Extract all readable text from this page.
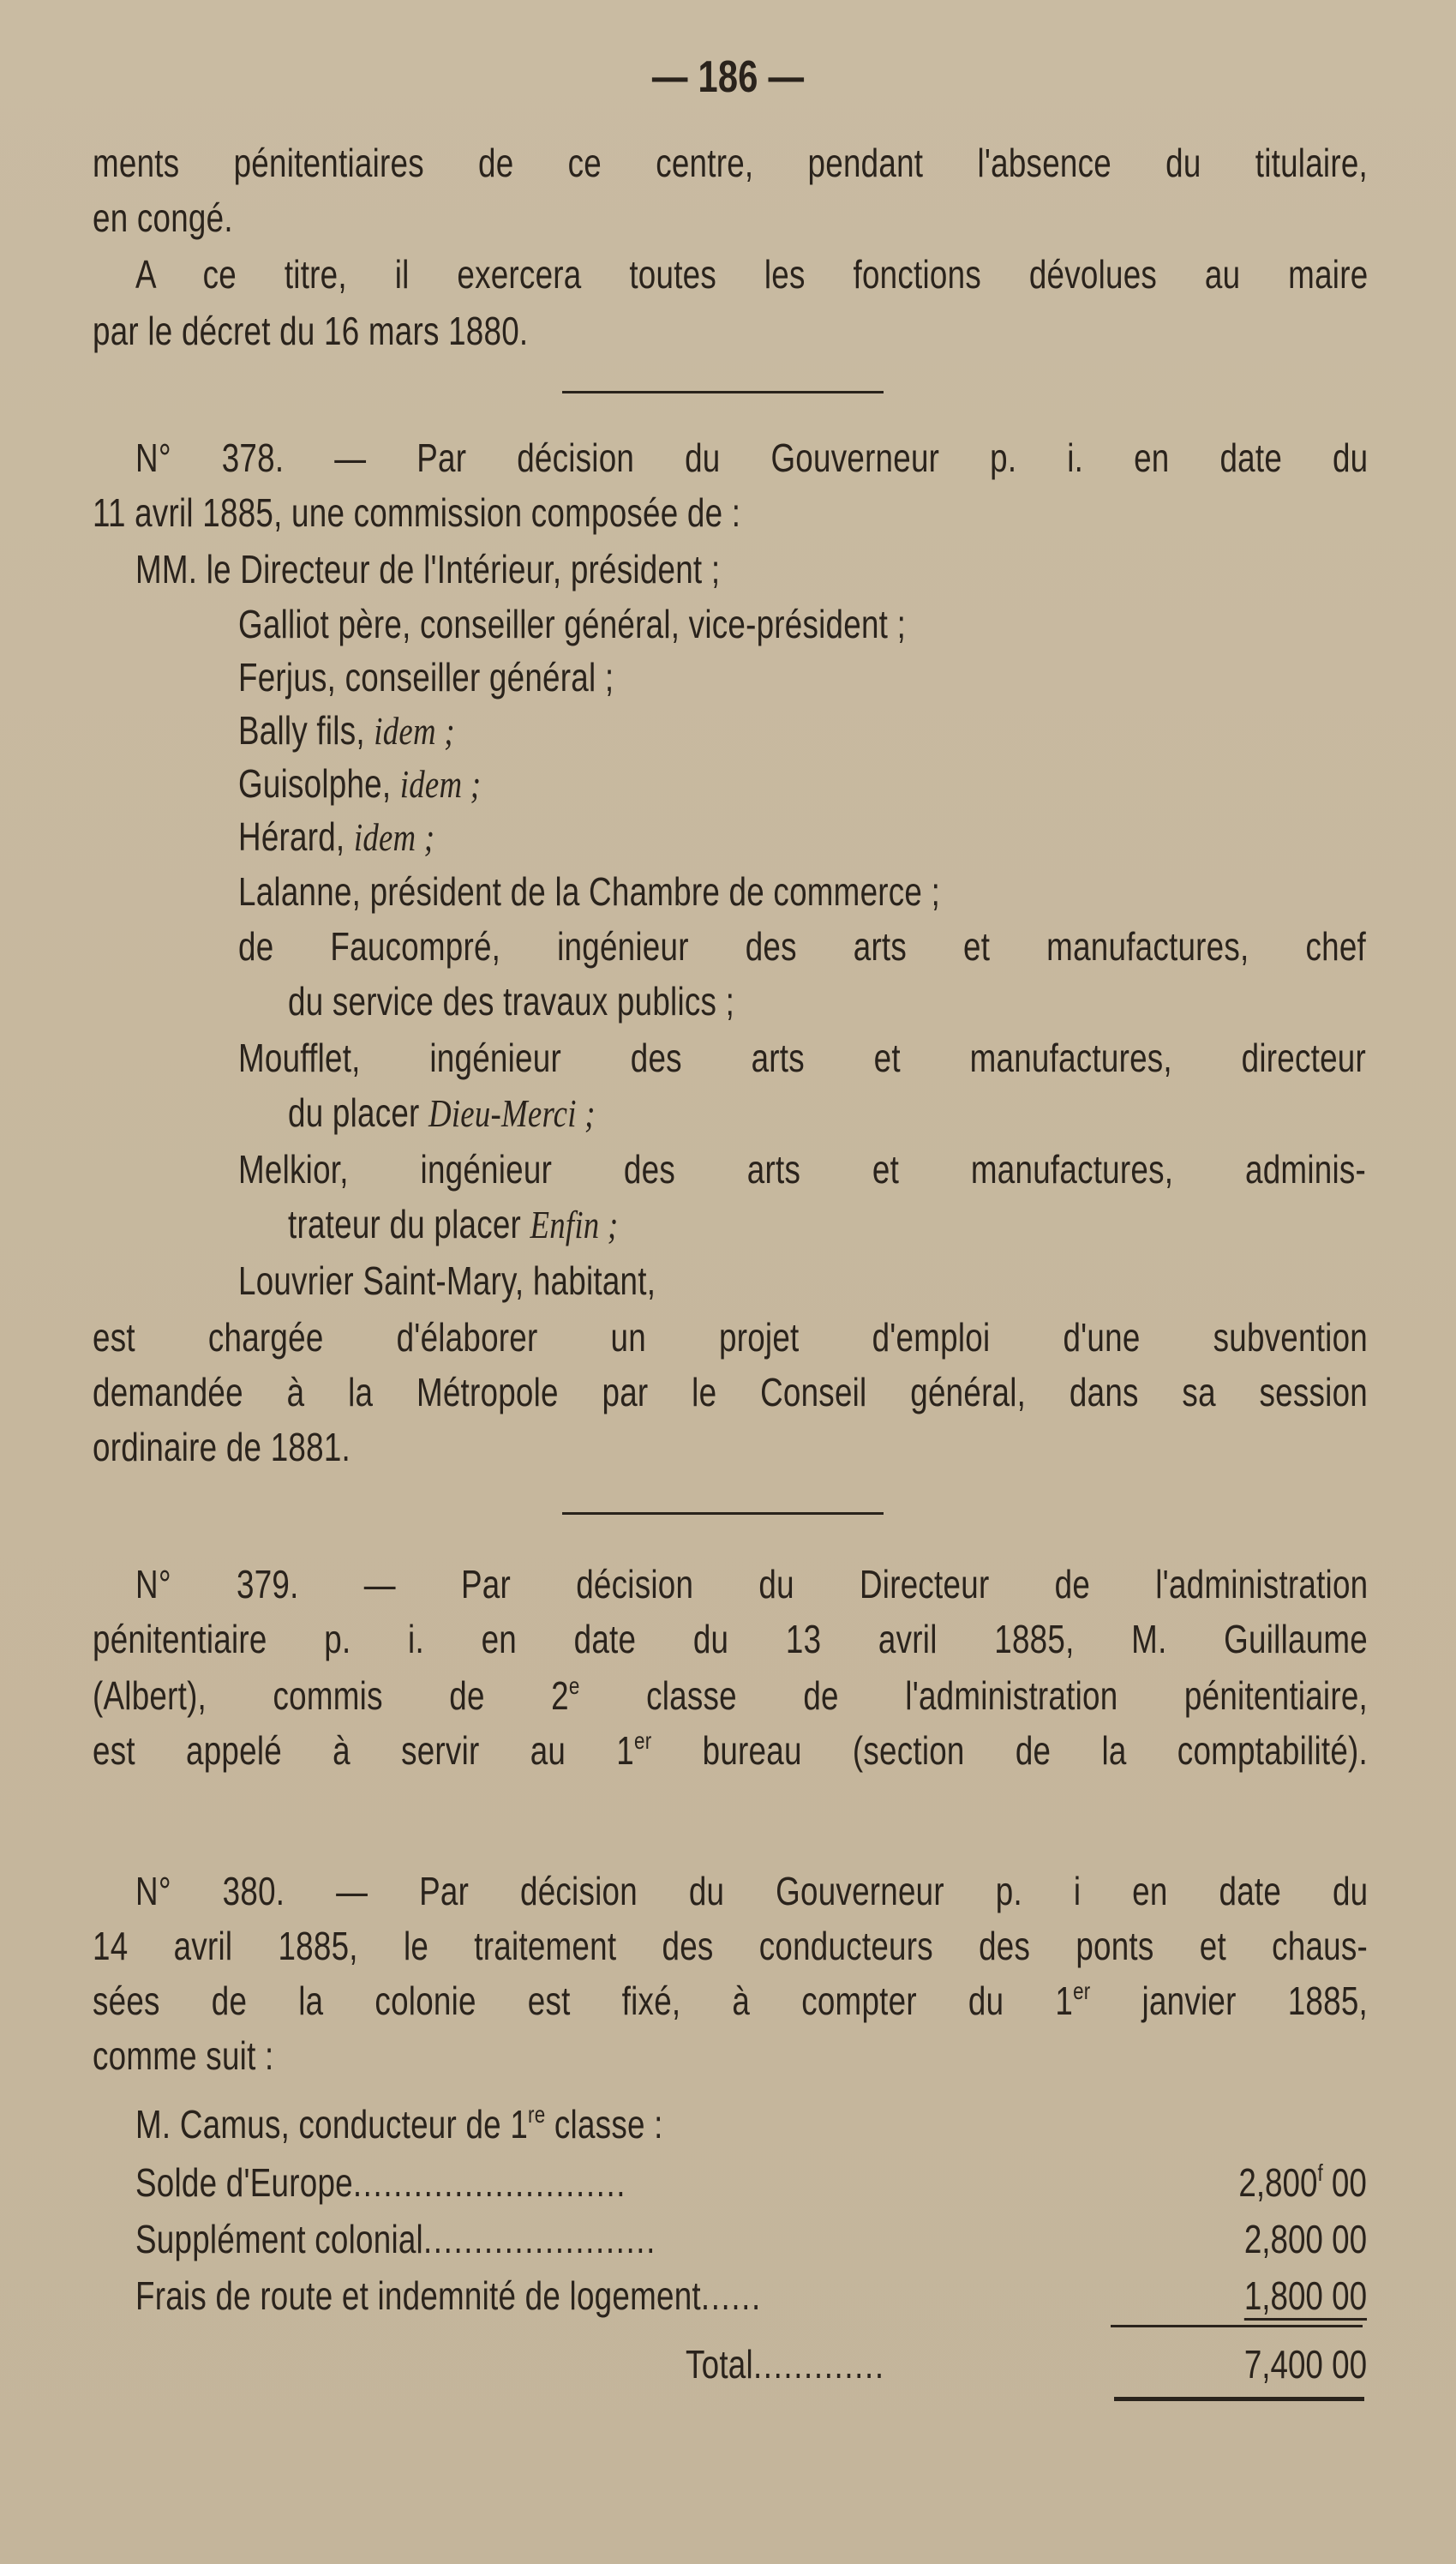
— 186 —
ments pénitentiaires de ce centre, pendant l'absence du titulaire,
en congé.
A ce titre, il exercera toutes les fonctions dévolues au maire
par le décret du 16 mars 1880.
N° 378. — Par décision du Gouverneur p. i. en date du
11 avril 1885, une commission composée de :
MM. le Directeur de l'Intérieur, président ;
Galliot père, conseiller général, vice-président ;
Ferjus, conseiller général ;
Bally fils, idem ;
Guisolphe, idem ;
Hérard, idem ;
Lalanne, président de la Chambre de commerce ;
de Faucompré, ingénieur des arts et manufactures, chef
du service des travaux publics ;
Moufflet, ingénieur des arts et manufactures, directeur
du placer Dieu-Merci ;
Melkior, ingénieur des arts et manufactures, adminis-
trateur du placer Enfin ;
Louvrier Saint-Mary, habitant,
est chargée d'élaborer un projet d'emploi d'une subvention
demandée à la Métropole par le Conseil général, dans sa session
ordinaire de 1881.
N° 379. — Par décision du Directeur de l'administration
pénitentiaire p. i. en date du 13 avril 1885, M. Guillaume
(Albert), commis de 2e classe de l'administration pénitentiaire,
est appelé à servir au 1er bureau (section de la comptabilité).
N° 380. — Par décision du Gouverneur p. i en date du
14 avril 1885, le traitement des conducteurs des ponts et chaus-
sées de la colonie est fixé, à compter du 1er janvier 1885,
comme suit :
M. Camus, conducteur de 1re classe :
Solde d'Europe...........................	2,800$^f$ 00
Supplément colonial.......................	2,800 00
Frais de route et indemnité de logement......	1,800 00
Total.............	7,400 00
